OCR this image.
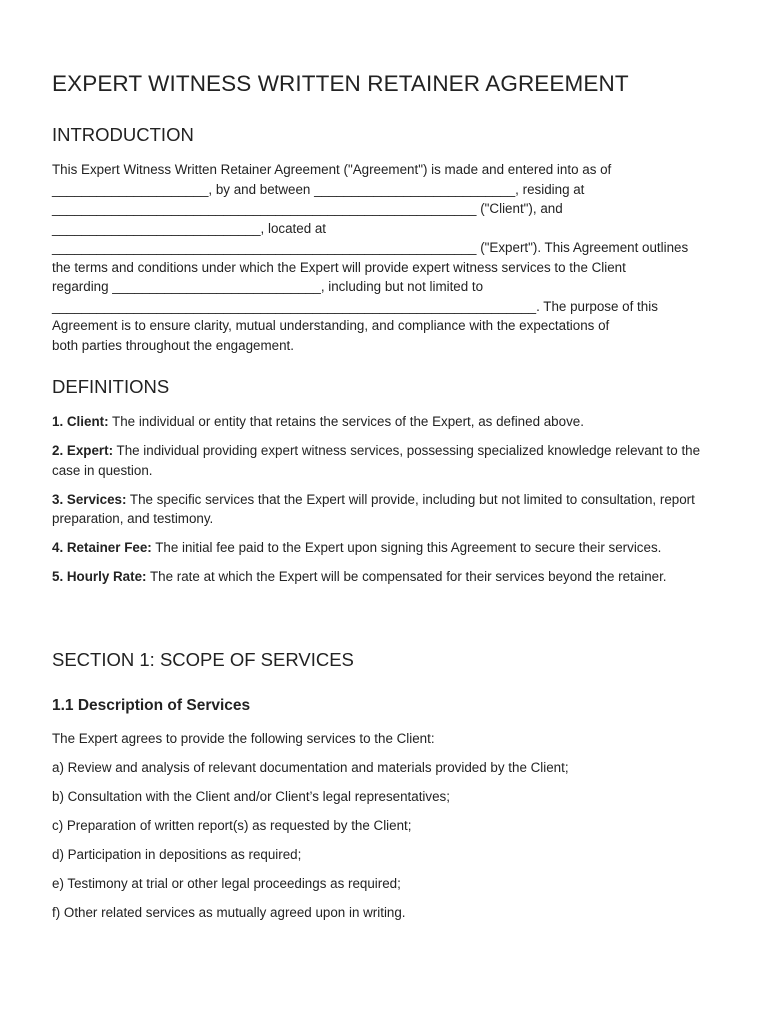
EXPERT WITNESS WRITTEN RETAINER AGREEMENT
INTRODUCTION
This Expert Witness Written Retainer Agreement ("Agreement") is made and entered into as of
_____________________, by and between ___________________________, residing at
_________________________________________________________ ("Client"), and
____________________________, located at
_________________________________________________________ ("Expert"). This Agreement outlines
the terms and conditions under which the Expert will provide expert witness services to the Client
regarding ____________________________, including but not limited to
_________________________________________________________________. The purpose of this
Agreement is to ensure clarity, mutual understanding, and compliance with the expectations of
both parties throughout the engagement.
DEFINITIONS

1. Client: The individual or entity that retains the services of the Expert, as defined above.

2. Expert: The individual providing expert witness services, possessing specialized knowledge relevant to the case in question.

3. Services: The specific services that the Expert will provide, including but not limited to consultation, report preparation, and testimony.

4. Retainer Fee: The initial fee paid to the Expert upon signing this Agreement to secure their services.

5. Hourly Rate: The rate at which the Expert will be compensated for their services beyond the retainer.

SECTION 1: SCOPE OF SERVICES
1.1 Description of Services

The Expert agrees to provide the following services to the Client:

a) Review and analysis of relevant documentation and materials provided by the Client;

b) Consultation with the Client and/or Client’s legal representatives;

c) Preparation of written report(s) as requested by the Client;

d) Participation in depositions as required;

e) Testimony at trial or other legal proceedings as required;

f) Other related services as mutually agreed upon in writing.
